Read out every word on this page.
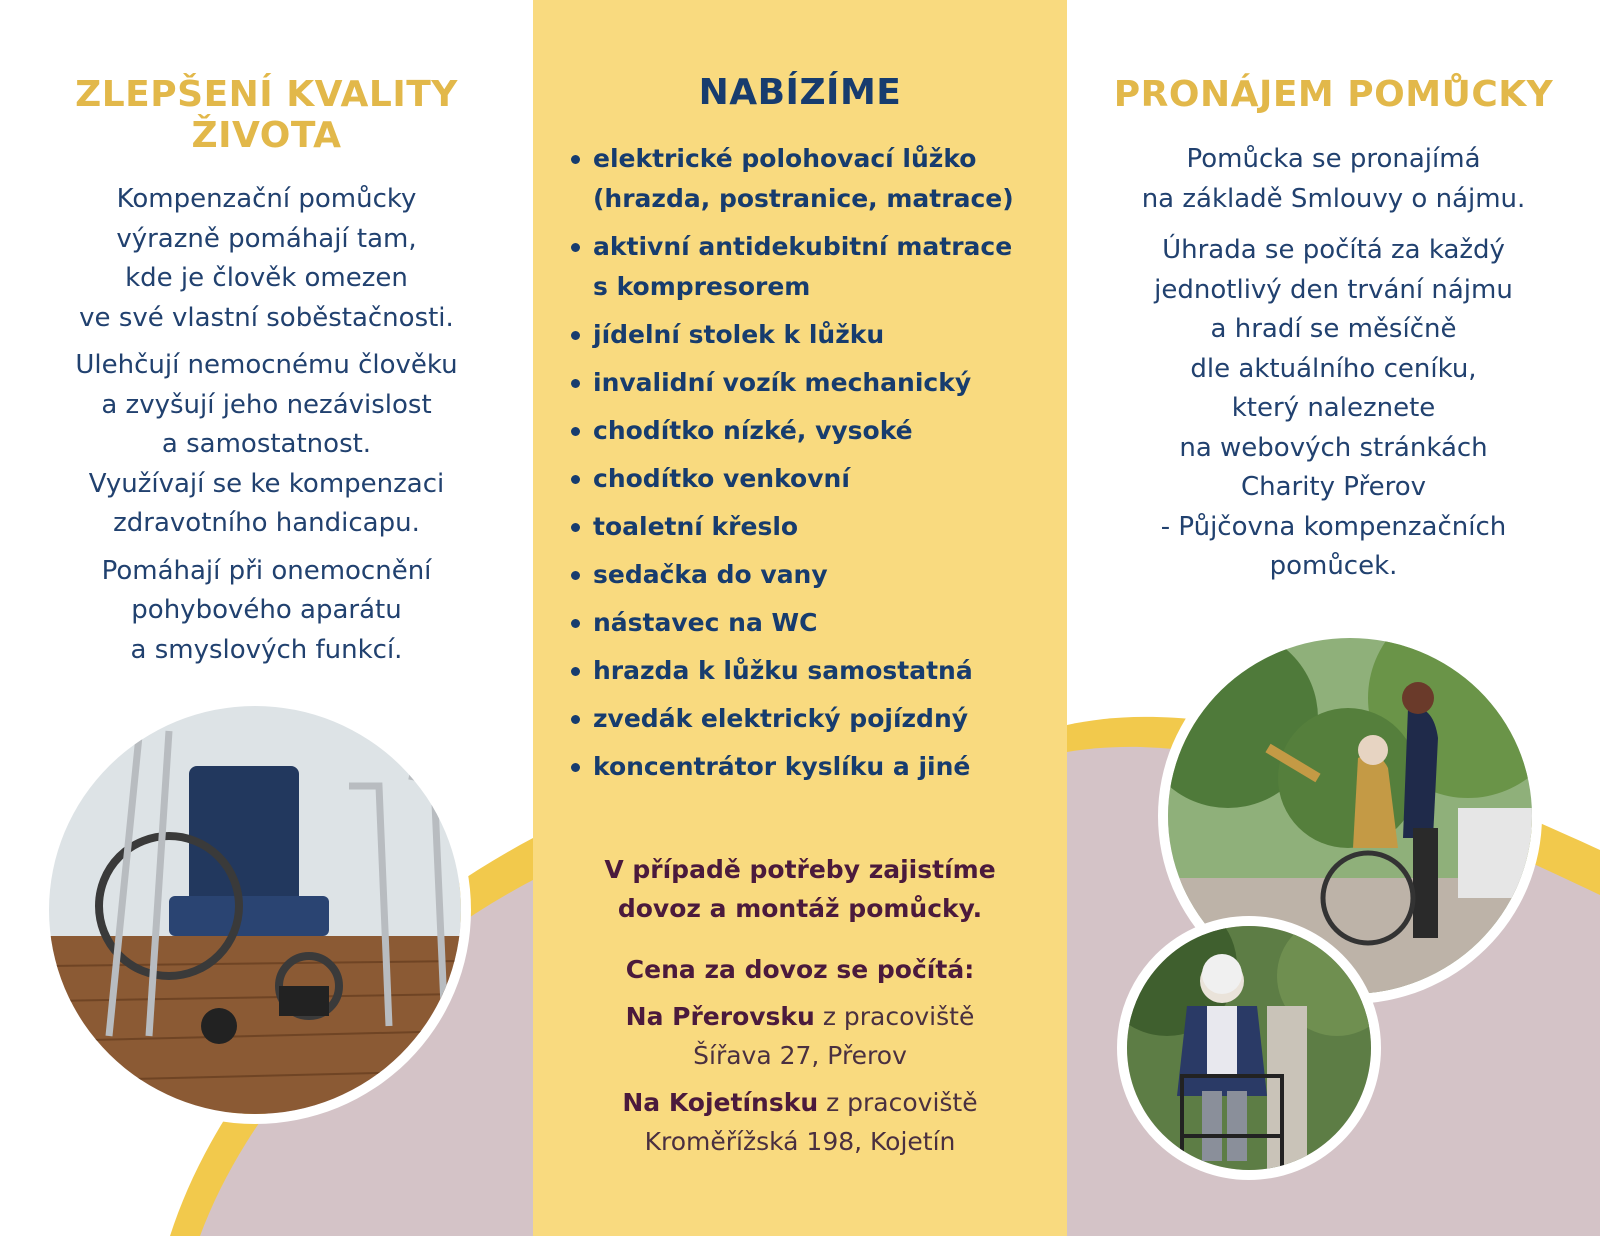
ZLEPŠENÍ KVALITY
ŽIVOTA

Kompenzační pomůcky
výrazně pomáhají tam,
kde je člověk omezen
ve své vlastní soběstačnosti.

Ulehčují nemocnému člověku
a zvyšují jeho nezávislost
a samostatnost.
Využívají se ke kompenzaci
zdravotního handicapu.

Pomáhají při onemocnění
pohybového aparátu
a smyslových funkcí.

NABÍZÍME
elektrické polohovací lůžko
(hrazda, postranice, matrace)
aktivní antidekubitní matrace
s kompresorem
jídelní stolek k lůžku
invalidní vozík mechanický
chodítko nízké, vysoké
chodítko venkovní
toaletní křeslo
sedačka do vany
nástavec na WC
hrazda k lůžku samostatná
zvedák elektrický pojízdný
koncentrátor kyslíku a jiné
V případě potřeby zajistíme
dovoz a montáž pomůcky.
Cena za dovoz se počítá:
Na Přerovsku z pracoviště
Šířava 27, Přerov
Na Kojetínsku z pracoviště
Kroměřížská 198, Kojetín
PRONÁJEM POMŮCKY

Pomůcka se pronajímá
na základě Smlouvy o nájmu.

Úhrada se počítá za každý
jednotlivý den trvání nájmu
a hradí se měsíčně
dle aktuálního ceníku,
který naleznete
na webových stránkách
Charity Přerov
- Půjčovna kompenzačních
pomůcek.
